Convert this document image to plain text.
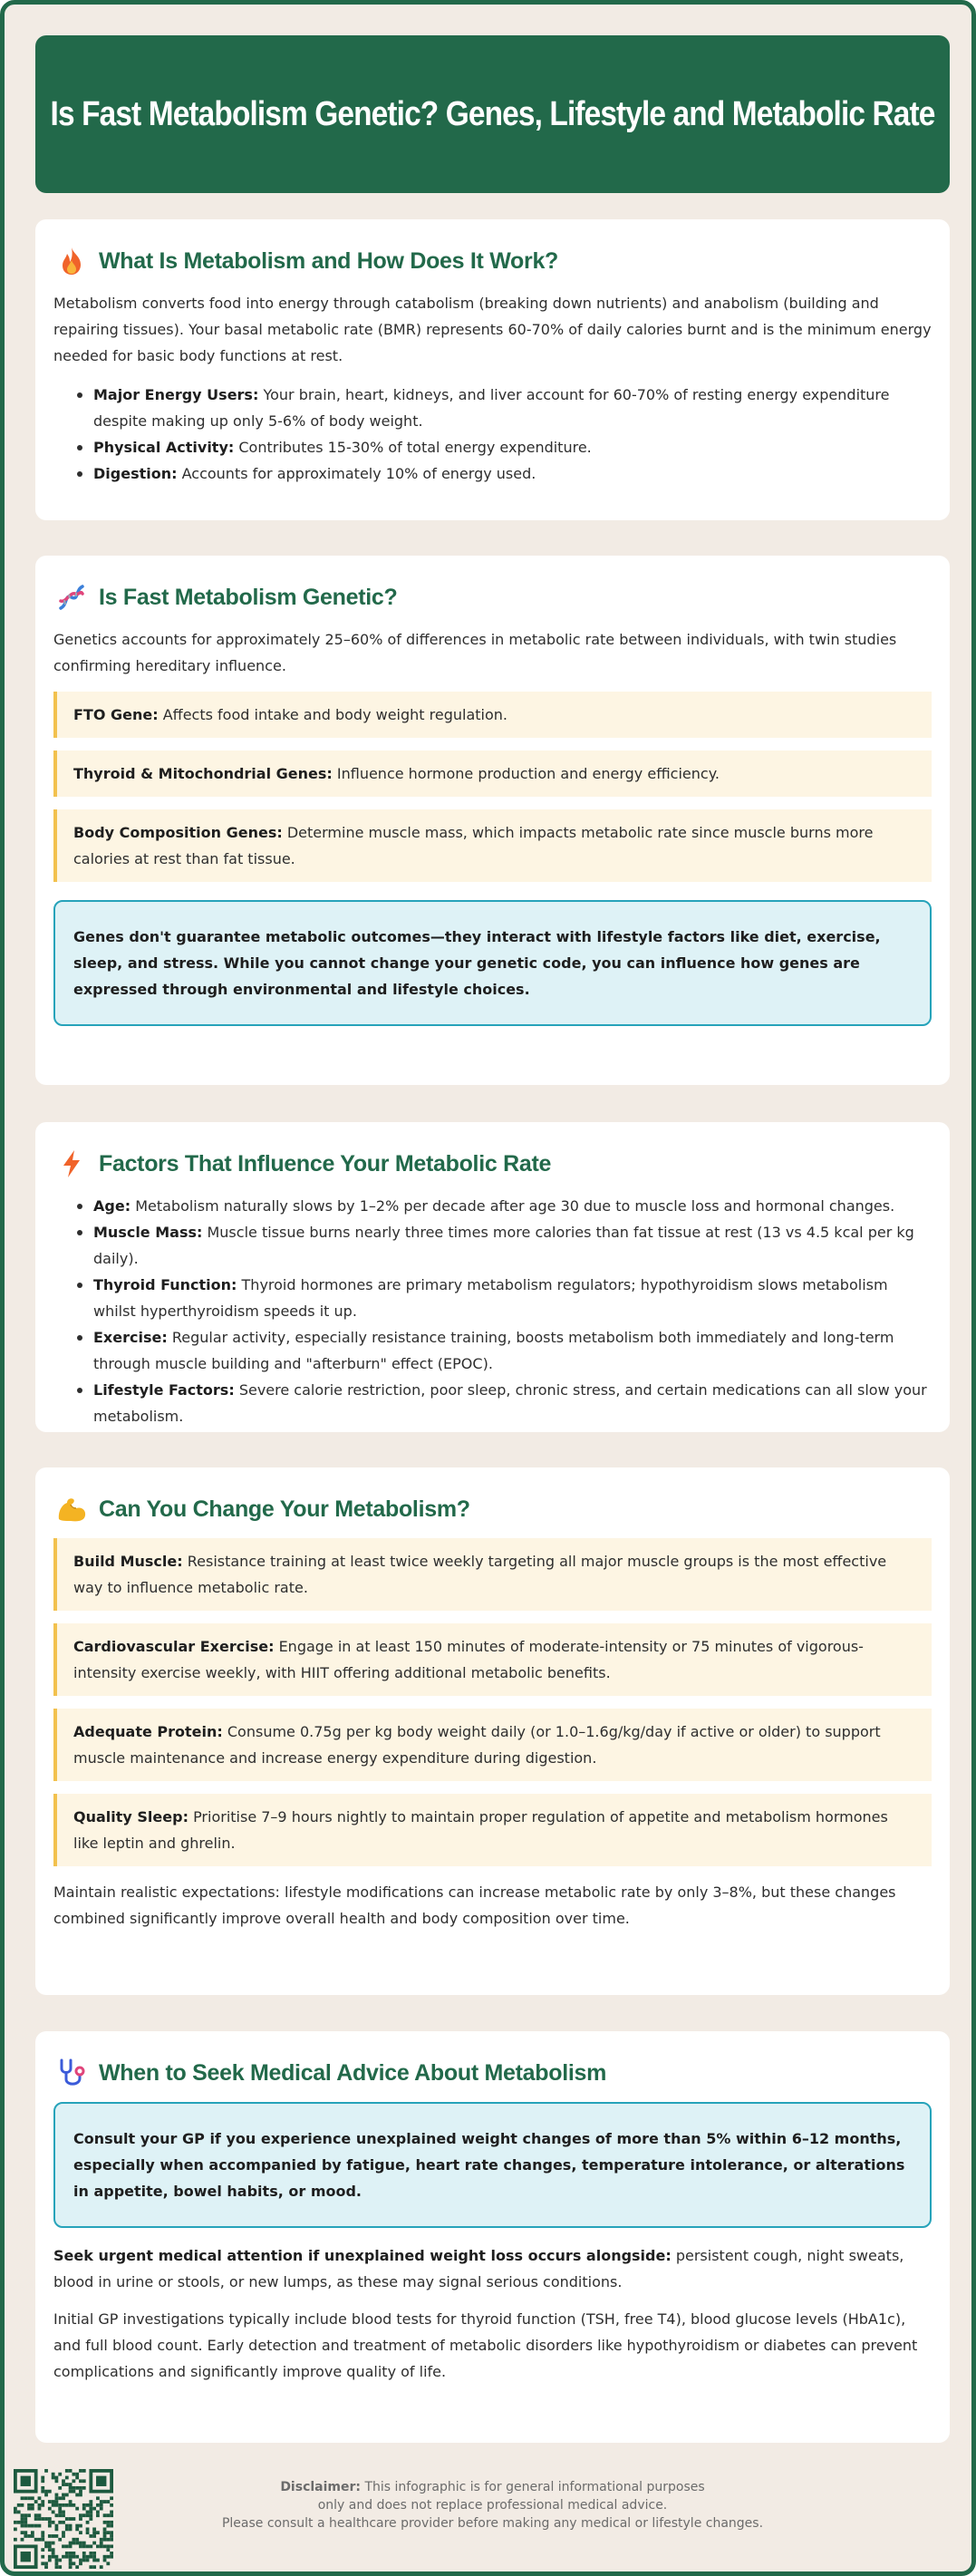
Is Fast Metabolism Genetic? Genes, Lifestyle and Metabolic Rate
What Is Metabolism and How Does It Work?

Metabolism converts food into energy through catabolism (breaking down nutrients) and anabolism (building and repairing tissues). Your basal metabolic rate (BMR) represents 60-70% of daily calories burnt and is the minimum energy needed for basic body functions at rest.

Major Energy Users: Your brain, heart, kidneys, and liver account for 60-70% of resting energy expenditure despite making up only 5-6% of body weight.
Physical Activity: Contributes 15-30% of total energy expenditure.
Digestion: Accounts for approximately 10% of energy used.
Is Fast Metabolism Genetic?

Genetics accounts for approximately 25–60% of differences in metabolic rate between individuals, with twin studies confirming hereditary influence.

FTO Gene: Affects food intake and body weight regulation.
Thyroid & Mitochondrial Genes: Influence hormone production and energy efficiency.
Body Composition Genes: Determine muscle mass, which impacts metabolic rate since muscle burns more calories at rest than fat tissue.
Genes don't guarantee metabolic outcomes—they interact with lifestyle factors like diet, exercise, sleep, and stress. While you cannot change your genetic code, you can influence how genes are expressed through environmental and lifestyle choices.
Factors That Influence Your Metabolic Rate
Age: Metabolism naturally slows by 1–2% per decade after age 30 due to muscle loss and hormonal changes.
Muscle Mass: Muscle tissue burns nearly three times more calories than fat tissue at rest (13 vs 4.5 kcal per kg daily).
Thyroid Function: Thyroid hormones are primary metabolism regulators; hypothyroidism slows metabolism whilst hyperthyroidism speeds it up.
Exercise: Regular activity, especially resistance training, boosts metabolism both immediately and long-term through muscle building and "afterburn" effect (EPOC).
Lifestyle Factors: Severe calorie restriction, poor sleep, chronic stress, and certain medications can all slow your metabolism.
Can You Change Your Metabolism?
Build Muscle: Resistance training at least twice weekly targeting all major muscle groups is the most effective way to influence metabolic rate.
Cardiovascular Exercise: Engage in at least 150 minutes of moderate-intensity or 75 minutes of vigorous-intensity exercise weekly, with HIIT offering additional metabolic benefits.
Adequate Protein: Consume 0.75g per kg body weight daily (or 1.0–1.6g/kg/day if active or older) to support muscle maintenance and increase energy expenditure during digestion.
Quality Sleep: Prioritise 7–9 hours nightly to maintain proper regulation of appetite and metabolism hormones like leptin and ghrelin.

Maintain realistic expectations: lifestyle modifications can increase metabolic rate by only 3–8%, but these changes combined significantly improve overall health and body composition over time.

When to Seek Medical Advice About Metabolism
Consult your GP if you experience unexplained weight changes of more than 5% within 6–12 months, especially when accompanied by fatigue, heart rate changes, temperature intolerance, or alterations in appetite, bowel habits, or mood.

Seek urgent medical attention if unexplained weight loss occurs alongside: persistent cough, night sweats, blood in urine or stools, or new lumps, as these may signal serious conditions.

Initial GP investigations typically include blood tests for thyroid function (TSH, free T4), blood glucose levels (HbA1c), and full blood count. Early detection and treatment of metabolic disorders like hypothyroidism or diabetes can prevent complications and significantly improve quality of life.

Disclaimer: This infographic is for general informational purposes
only and does not replace professional medical advice.
Please consult a healthcare provider before making any medical or lifestyle changes.
